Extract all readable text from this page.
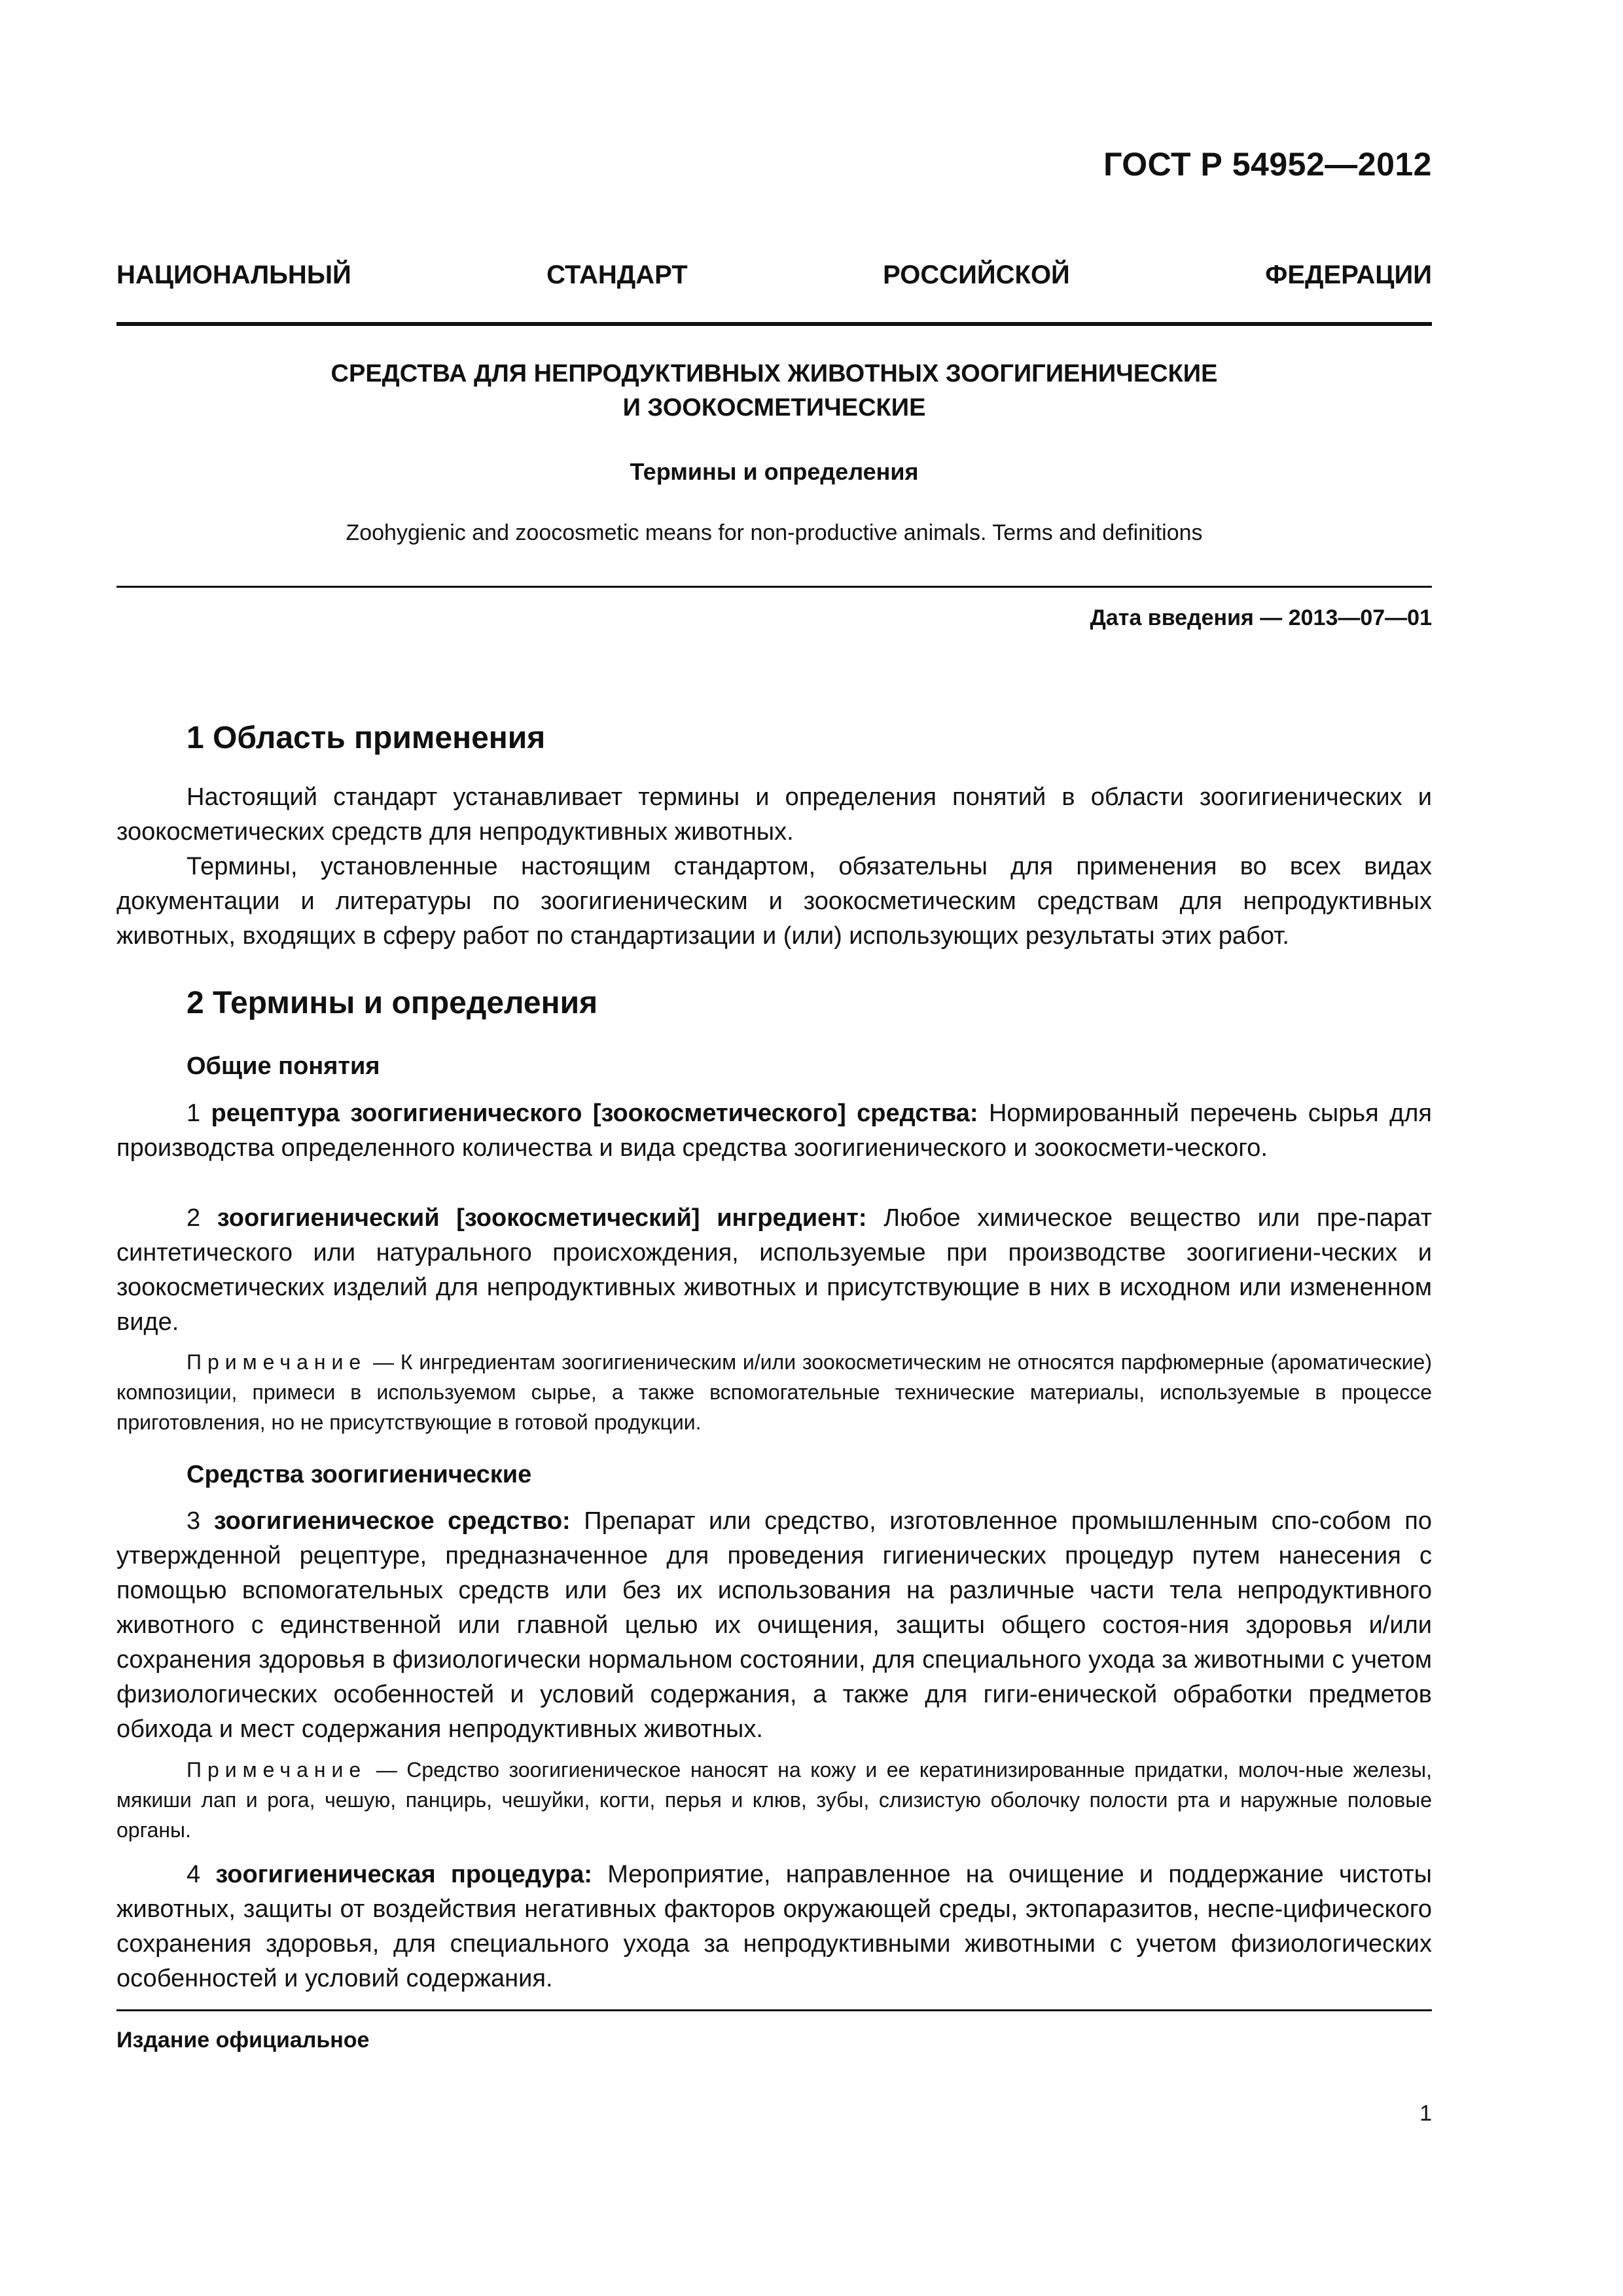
ГОСТ Р 54952—2012
НАЦИОНАЛЬНЫЙ СТАНДАРТ РОССИЙСКОЙ ФЕДЕРАЦИИ
СРЕДСТВА ДЛЯ НЕПРОДУКТИВНЫХ ЖИВОТНЫХ ЗООГИГИЕНИЧЕСКИЕ
И ЗООКОСМЕТИЧЕСКИЕ
Термины и определения
Zoohygienic and zoocosmetic means for non-productive animals. Terms and definitions
Дата введения — 2013—07—01
1 Область применения

Настоящий стандарт устанавливает термины и определения понятий в области зоогигиенических и зоокосметических средств для непродуктивных животных.

Термины, установленные настоящим стандартом, обязательны для применения во всех видах документации и литературы по зоогигиеническим и зоокосметическим средствам для непродуктивных животных, входящих в сферу работ по стандартизации и (или) использующих результаты этих работ.

2 Термины и определения
Общие понятия

1 рецептура зоогигиенического [зоокосметического] средства: Нормированный перечень сырья для производства определенного количества и вида средства зоогигиенического и зоокосмети-ческого.

2 зоогигиенический [зоокосметический] ингредиент: Любое химическое вещество или пре-парат синтетического или натурального происхождения, используемые при производстве зоогигиени-ческих и зоокосметических изделий для непродуктивных животных и присутствующие в них в исходном или измененном виде.

Примечание — К ингредиентам зоогигиеническим и/или зоокосметическим не относятся парфюмерные (ароматические) композиции, примеси в используемом сырье, а также вспомогательные технические материалы, используемые в процессе приготовления, но не присутствующие в готовой продукции.

Средства зоогигиенические

3 зоогигиеническое средство: Препарат или средство, изготовленное промышленным спо-собом по утвержденной рецептуре, предназначенное для проведения гигиенических процедур путем нанесения с помощью вспомогательных средств или без их использования на различные части тела непродуктивного животного с единственной или главной целью их очищения, защиты общего состоя-ния здоровья и/или сохранения здоровья в физиологически нормальном состоянии, для специального ухода за животными с учетом физиологических особенностей и условий содержания, а также для гиги-енической обработки предметов обихода и мест содержания непродуктивных животных.

Примечание — Средство зоогигиеническое наносят на кожу и ее кератинизированные придатки, молоч-ные железы, мякиши лап и рога, чешую, панцирь, чешуйки, когти, перья и клюв, зубы, слизистую оболочку полости рта и наружные половые органы.

4 зоогигиеническая процедура: Мероприятие, направленное на очищение и поддержание чистоты животных, защиты от воздействия негативных факторов окружающей среды, эктопаразитов, неспе-цифического сохранения здоровья, для специального ухода за непродуктивными животными с учетом физиологических особенностей и условий содержания.

Издание официальное
1
